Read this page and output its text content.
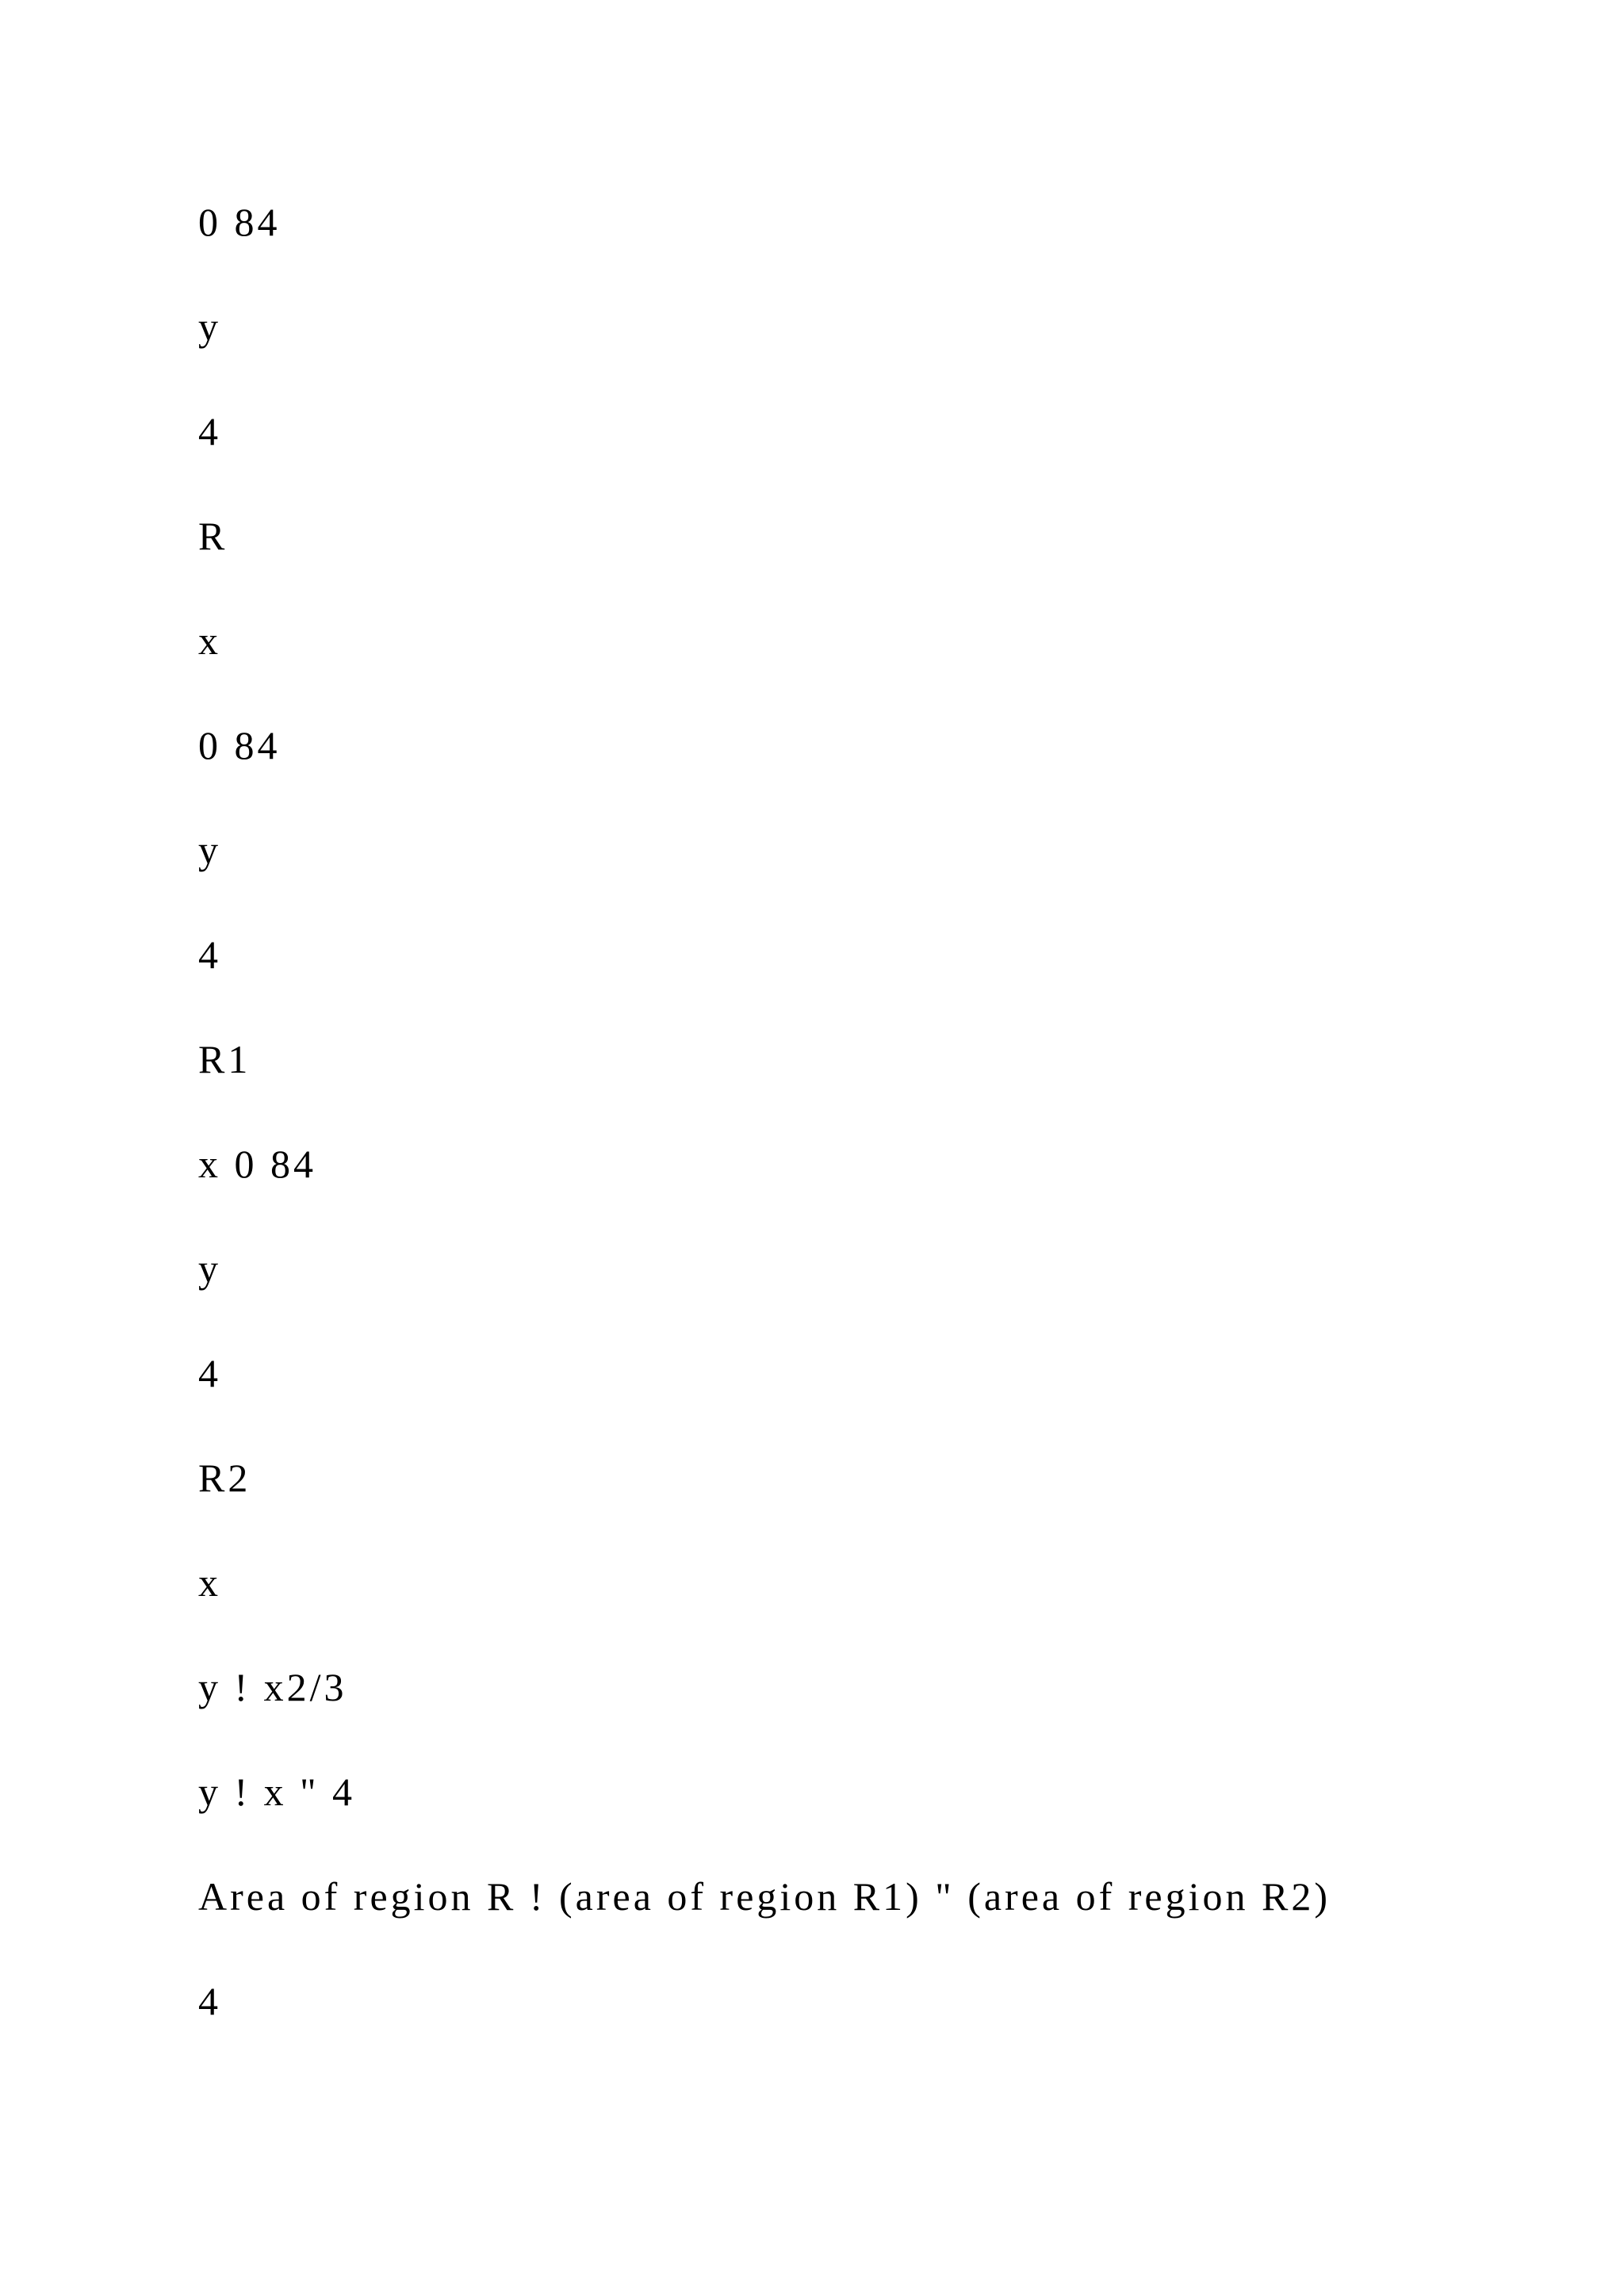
0 84

y

4

R

x

0 84

y

4

R1

x 0 84

y

4

R2

x

y ! x2/3

y ! x " 4

Area of region R ! (area of region R1) " (area of region R2)

4
